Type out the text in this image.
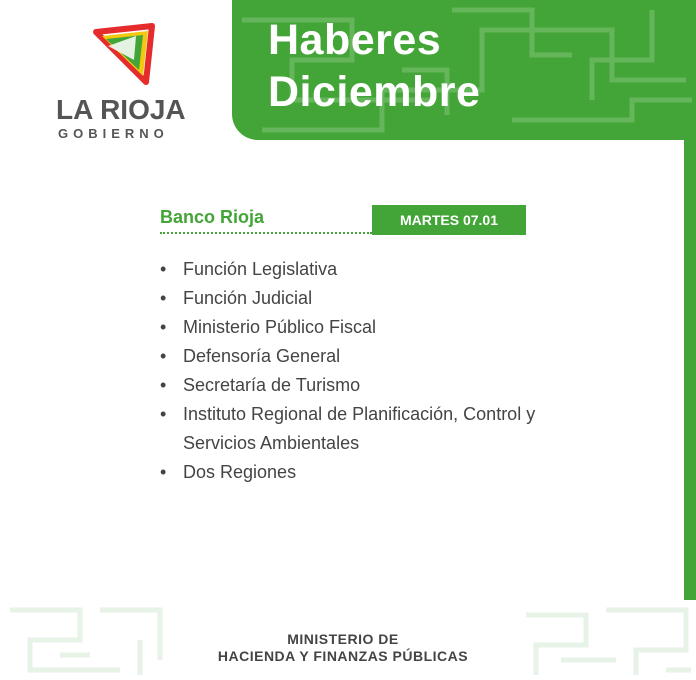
LA RIOJA
GOBIERNO
Haberes
Diciembre
Banco Rioja	MARTES 07.01
• Función Legislativa
• Función Judicial
• Ministerio Público Fiscal
• Defensoría General
• Secretaría de Turismo
• Instituto Regional de Planificación, Control y Servicios Ambientales
• Dos Regiones
MINISTERIO DE
HACIENDA Y FINANZAS PÚBLICAS
